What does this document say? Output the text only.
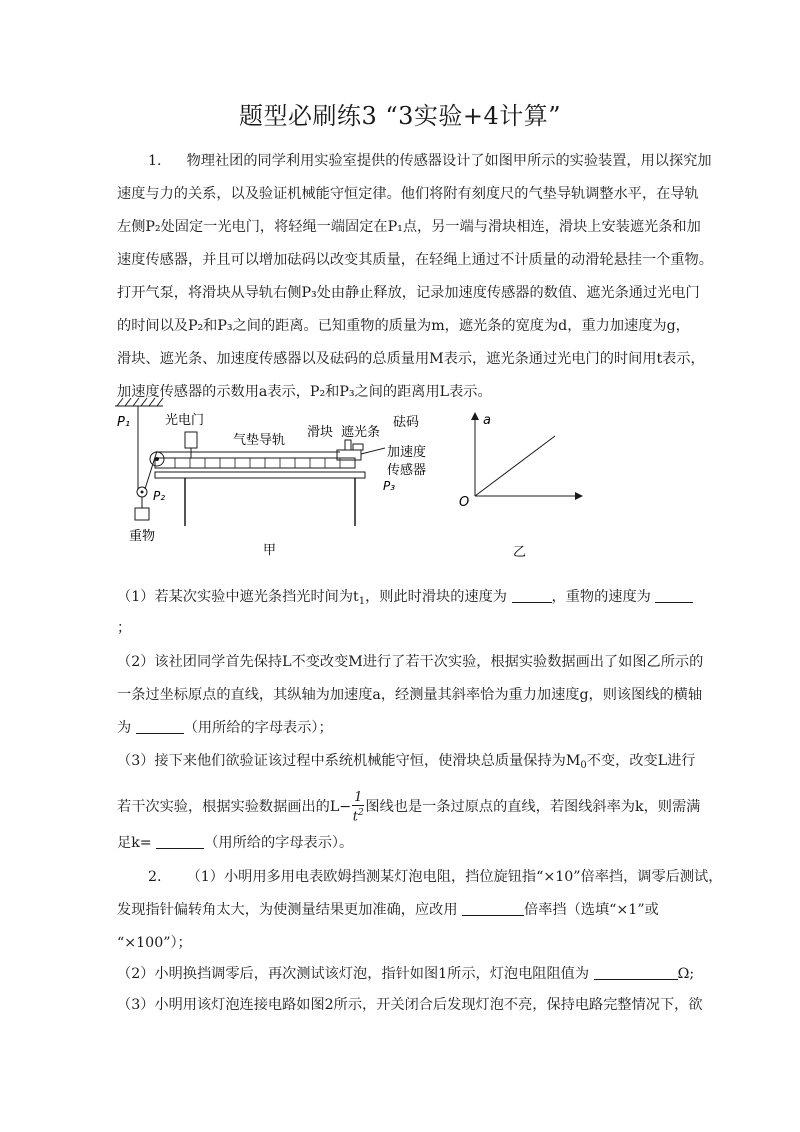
题型必刷练3 “3实验+4计算”
1. 物理社团的同学利用实验室提供的传感器设计了如图甲所示的实验装置，用以探究加
速度与力的关系，以及验证机械能守恒定律。他们将附有刻度尺的气垫导轨调整水平，在导轨
左侧P₂处固定一光电门，将轻绳一端固定在P₁点，另一端与滑块相连，滑块上安装遮光条和加
速度传感器，并且可以增加砝码以改变其质量，在轻绳上通过不计质量的动滑轮悬挂一个重物。
打开气泵，将滑块从导轨右侧P₃处由静止释放，记录加速度传感器的数值、遮光条通过光电门
的时间以及P₂和P₃之间的距离。已知重物的质量为m，遮光条的宽度为d，重力加速度为g，
滑块、遮光条、加速度传感器以及砝码的总质量用M表示，遮光条通过光电门的时间用t表示，
加速度传感器的示数用a表示，P₂和P₃之间的距离用L表示。
P₁
P₂
重物
光电门
气垫导轨
滑块 遮光条
砝码
加速度
传感器
P₃
甲
a
O
乙
（1）若某次实验中遮光条挡光时间为$t_1$，则此时滑块的速度为	，重物的速度为
；
（2）该社团同学首先保持L不变改变M进行了若干次实验，根据实验数据画出了如图乙所示的
一条过坐标原点的直线，其纵轴为加速度a，经测量其斜率恰为重力加速度g，则该图线的横轴
为	（用所给的字母表示）；
（3）接下来他们欲验证该过程中系统机械能守恒，使滑块总质量保持为$M_0$不变，改变L进行
若干次实验，根据实验数据画出的$L- \frac{1}{t^2}$ 图线也是一条过原点的直线，若图线斜率为k，则需满
足k=	（用所给的字母表示）。
2. （1）小明用多用电表欧姆挡测某灯泡电阻，挡位旋钮指“×10”倍率挡，调零后测试，
发现指针偏转角太大，为使测量结果更加准确，应改用	倍率挡（选填“×1”或
“×100”）；
（2）小明换挡调零后，再次测试该灯泡，指针如图1所示，灯泡电阻阻值为	Ω;
（3）小明用该灯泡连接电路如图2所示，开关闭合后发现灯泡不亮，保持电路完整情况下，欲
